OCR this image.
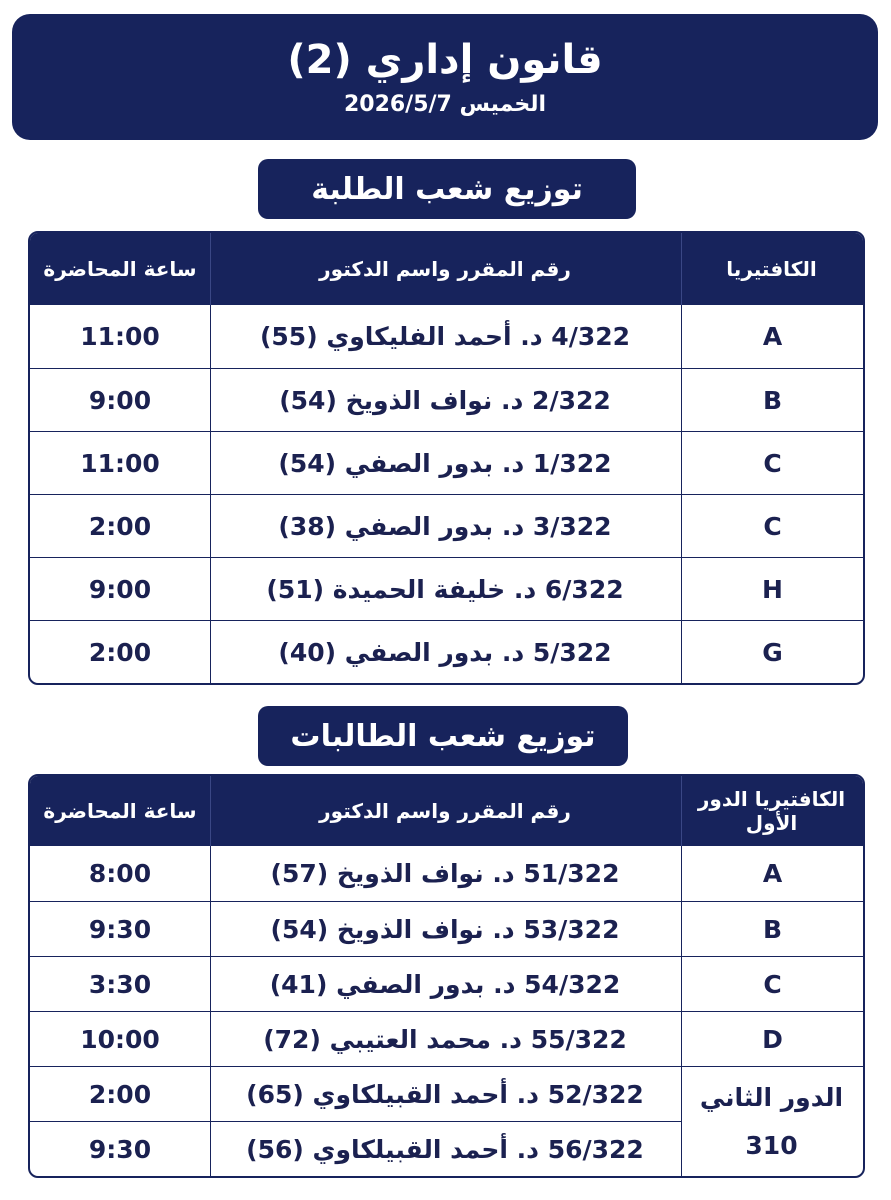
قانون إداري (2)
الخميس 2026/5/7
توزيع شعب الطلبة
ساعة المحاضرة	رقم المقرر واسم الدكتور	الكافتيريا
11:00	4/322 د. أحمد الفليكاوي (55)	A
9:00	2/322 د. نواف الذويخ (54)	B
11:00	1/322 د. بدور الصفي (54)	C
2:00	3/322 د. بدور الصفي (38)	C
9:00	6/322 د. خليفة الحميدة (51)	H
2:00	5/322 د. بدور الصفي (40)	G
توزيع شعب الطالبات
ساعة المحاضرة	رقم المقرر واسم الدكتور	الكافتيريا الدور الأول
8:00	51/322 د. نواف الذويخ (57)	A
9:30	53/322 د. نواف الذويخ (54)	B
3:30	54/322 د. بدور الصفي (41)	C
10:00	55/322 د. محمد العتيبي (72)	D
2:00	52/322 د. أحمد القبيلكاوي (65)	الدور الثاني 310
9:30	56/322 د. أحمد القبيلكاوي (56)	
